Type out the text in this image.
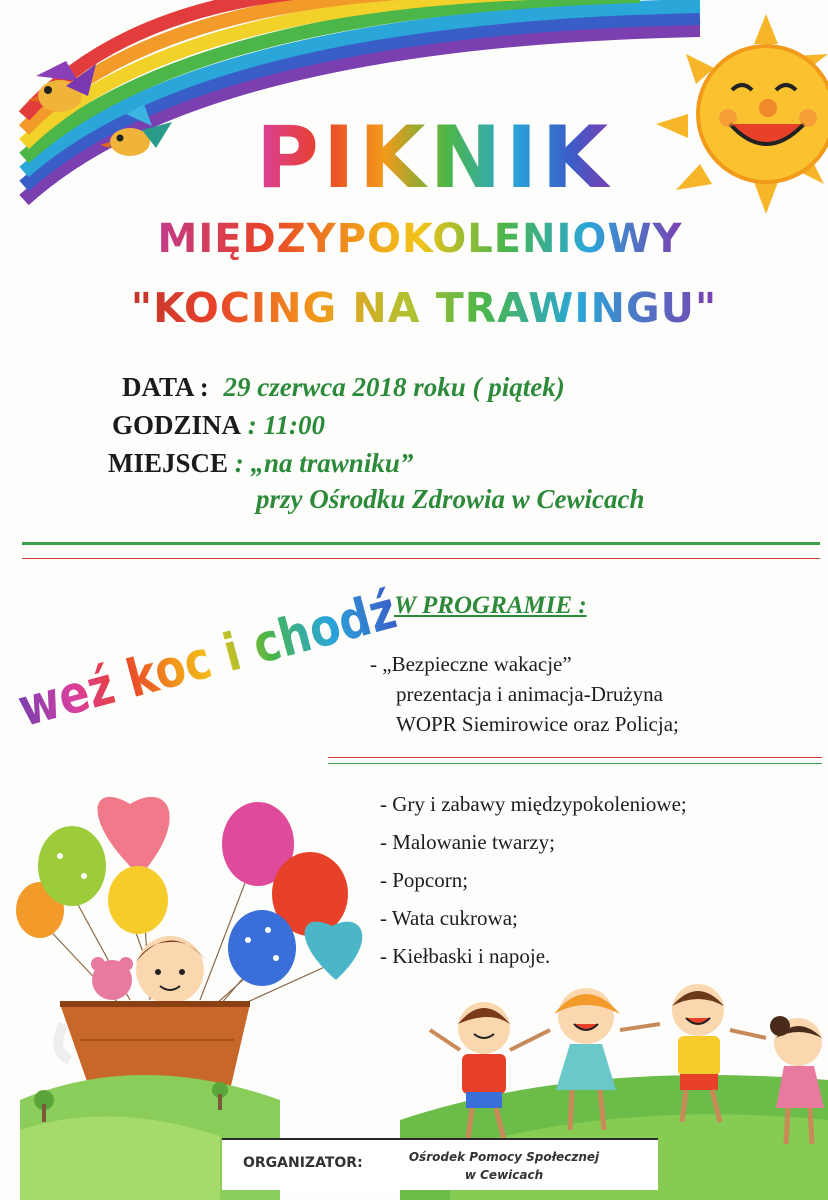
PIKNIK
MIĘDZYPOKOLENIOWY
"KOCING NA TRAWINGU"
DATA : 29 czerwca 2018 roku ( piątek)
GODZINA : 11:00
MIEJSCE : „na trawniku”
przy Ośrodku Zdrowia w Cewicach
W PROGRAMIE :
- „Bezpieczne wakacje”
prezentacja i animacja-Drużyna
WOPR Siemirowice oraz Policja;
- Gry i zabawy międzypokoleniowe;
- Malowanie twarzy;
- Popcorn;
- Wata cukrowa;
- Kiełbaski i napoje.
weź koc i chodź
ORGANIZATOR:	Ośrodek Pomocy Społecznej
w Cewicach
